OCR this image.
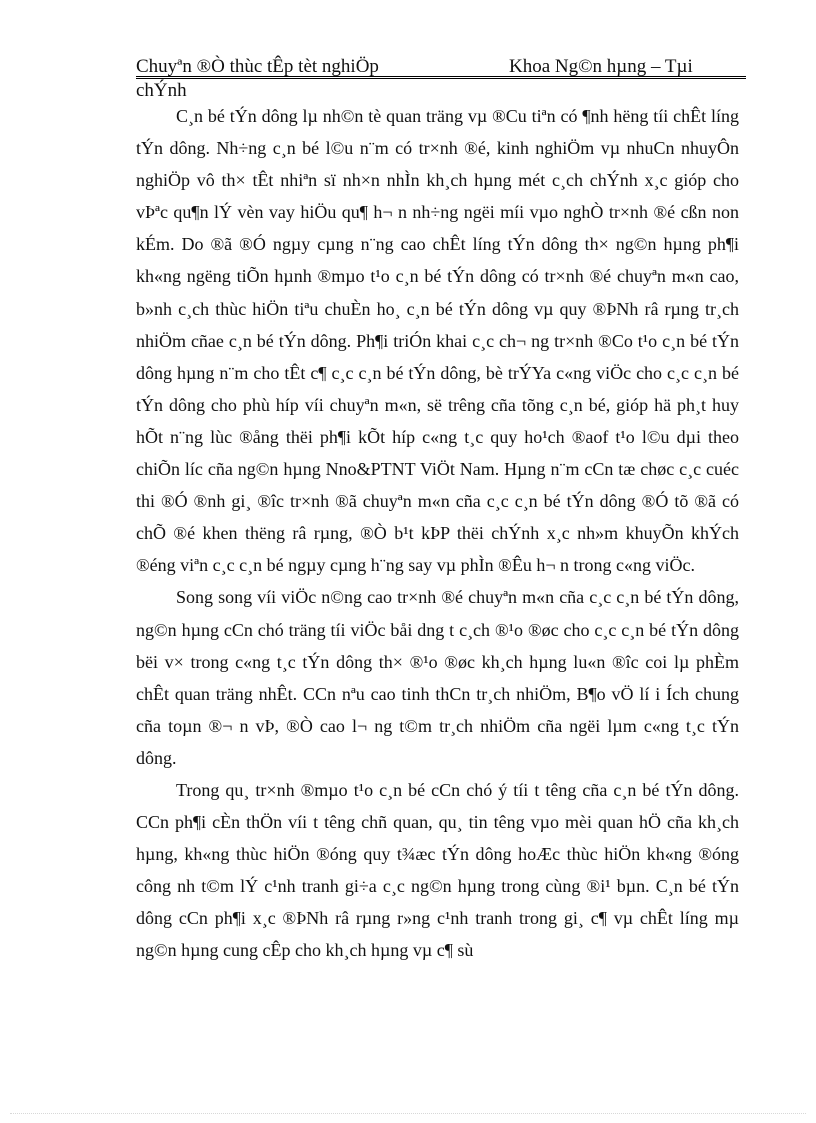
Chuyªn ®Ò thùc tÊp tèt nghiÖp	Khoa Ng©n hµng – Tµi
chÝnh

C¸n bé tÝn dông lµ nh©n tè quan träng vµ ®Cu tiªn có ¶nh hëng tíi chÊt líng tÝn dông. Nh÷ng c¸n bé l©u n¨m có tr×nh ®é, kinh nghiÖm vµ nhuCn nhuyÔn nghiÖp vô th× tÊt nhiªn sï nh×n nhÌn kh¸ch hµng mét c¸ch chÝnh x¸c gióp cho vÞªc qu¶n lÝ vèn vay hiÖu qu¶ h¬ n nh÷ng ngëi míi vµo nghÒ tr×nh ®é cßn non kÉm. Do ®ã ®Ó ngµy cµng n¨ng cao chÊt líng tÝn dông th× ng©n hµng ph¶i kh«ng ngëng tiÕn hµnh ®mµo t¹o c¸n bé tÝn dông có tr×nh ®é chuyªn m«n cao, b»nh c¸ch thùc hiÖn tiªu chuÈn ho¸ c¸n bé tÝn dông vµ quy ®ÞNh râ rµng tr¸ch nhiÖm cñae c¸n bé tÝn dông. Ph¶i triÓn khai c¸c ch¬ ng tr×nh ®Co t¹o c¸n bé tÝn dông hµng n¨m cho tÊt c¶ c¸c c¸n bé tÝn dông, bè trÝYa c«ng viÖc cho c¸c c¸n bé tÝn dông cho phù híp víi chuyªn m«n, së trêng cña tõng c¸n bé, gióp hä ph¸t huy hÕt n¨ng lùc ®ång thëi ph¶i kÕt híp c«ng t¸c quy ho¹ch ®aof t¹o l©u dµi theo chiÕn líc cña ng©n hµng Nno&PTNT ViÖt Nam. Hµng n¨m cCn tæ chøc c¸c cuéc thi ®Ó ®nh gi¸ ®îc tr×nh ®ã chuyªn m«n cña c¸c c¸n bé tÝn dông ®Ó tõ ®ã có chÕ ®é khen thëng râ rµng, ®Ò b¹t kÞP thëi chÝnh x¸c nh»m khuyÕn khÝch ®éng viªn c¸c c¸n bé ngµy cµng h¨ng say vµ phÌn ®Êu h¬ n trong c«ng viÖc.

Song song víi viÖc n©ng cao tr×nh ®é chuyªn m«n cña c¸c c¸n bé tÝn dông, ng©n hµng cCn chó träng tíi viÖc båi dng t c¸ch ®¹o ®øc cho c¸c c¸n bé tÝn dông bëi v× trong c«ng t¸c tÝn dông th× ®¹o ®øc kh¸ch hµng lu«n ®îc coi lµ phÈm chÊt quan träng nhÊt. CCn nªu cao tinh thCn tr¸ch nhiÖm, B¶o vÖ lí i Ích chung cña toµn ®¬ n vÞ, ®Ò cao l¬ ng t©m tr¸ch nhiÖm cña ngëi lµm c«ng t¸c tÝn dông.

Trong qu¸ tr×nh ®mµo t¹o c¸n bé cCn chó ý tíi t têng cña c¸n bé tÝn dông. CCn ph¶i cÈn thÖn víi t têng chñ quan, qu¸ tin têng vµo mèi quan hÖ cña kh¸ch hµng, kh«ng thùc hiÖn ®óng quy t¾æc tÝn dông hoÆc thùc hiÖn kh«ng ®óng công nh t©m lÝ c¹nh tranh gi÷a c¸c ng©n hµng trong cùng ®i¹ bµn. C¸n bé tÝn dông cCn ph¶i x¸c ®ÞNh râ rµng r»ng c¹nh tranh trong gi¸ c¶ vµ chÊt líng mµ ng©n hµng cung cÊp cho kh¸ch hµng vµ c¶ sù
